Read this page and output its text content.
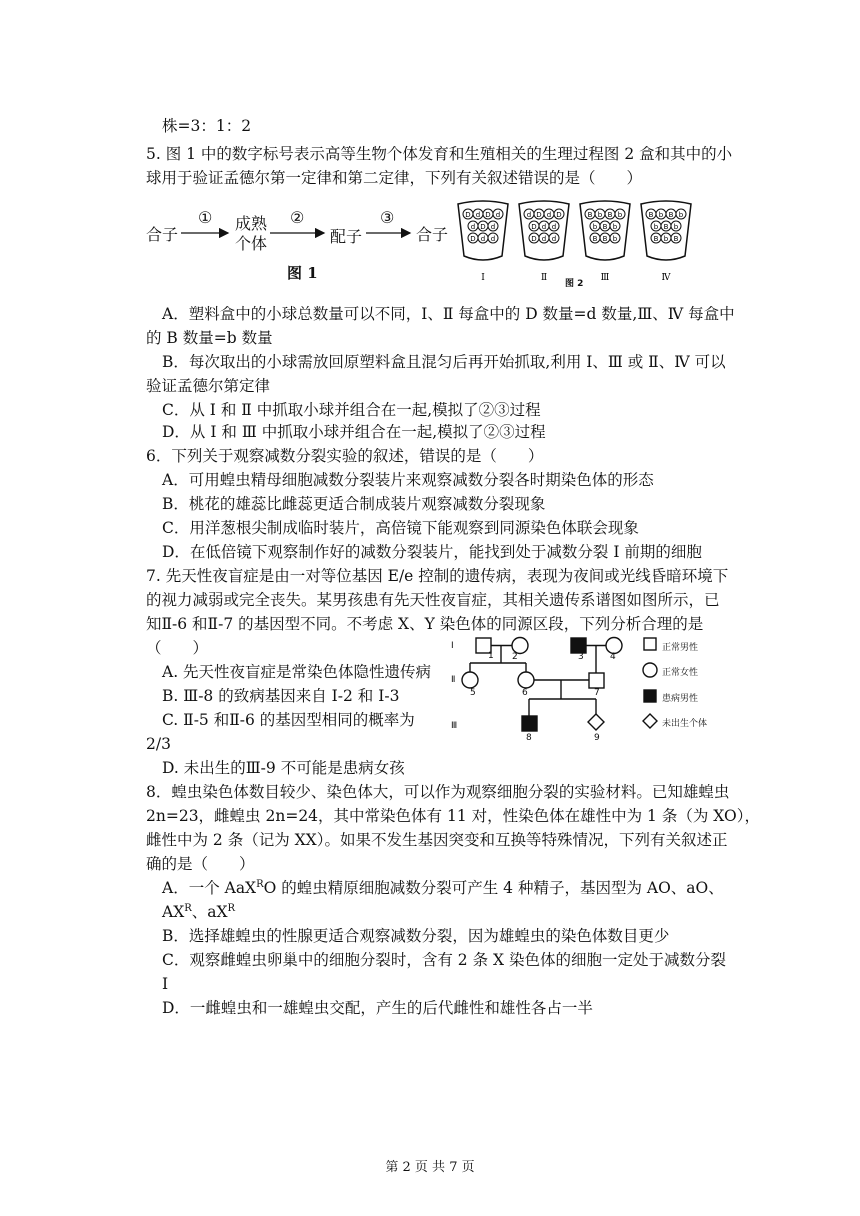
株=3：1：2
5. 图 1 中的数字标号表示高等生物个体发育和生殖相关的生理过程图 2 盒和其中的小
球用于验证孟德尔第一定律和第二定律，下列有关叙述错误的是（　　）
合子
① 成熟
个体
②
配子
③
合子
图 1
D d D d
d D d
D d d
Ⅰ
d D d D
D d d
D d d
Ⅱ
B b B b
b B b
B B b
Ⅲ
B b B b
b B b
B b B
Ⅳ
图 2
A．塑料盒中的小球总数量可以不同，Ⅰ、Ⅱ 每盒中的 D 数量=d 数量,Ⅲ、Ⅳ 每盒中
的 B 数量=b 数量
B．每次取出的小球需放回原塑料盒且混匀后再开始抓取,利用 Ⅰ、Ⅲ 或 Ⅱ、Ⅳ 可以
验证孟德尔第定律
C．从 Ⅰ 和 Ⅱ 中抓取小球并组合在一起,模拟了②③过程
D．从 Ⅰ 和 Ⅲ 中抓取小球并组合在一起,模拟了②③过程
6．下列关于观察减数分裂实验的叙述，错误的是（　　）
A．可用蝗虫精母细胞减数分裂装片来观察减数分裂各时期染色体的形态
B．桃花的雄蕊比雌蕊更适合制成装片观察减数分裂现象
C．用洋葱根尖制成临时装片，高倍镜下能观察到同源染色体联会现象
D．在低倍镜下观察制作好的减数分裂装片，能找到处于减数分裂 Ⅰ 前期的细胞
7. 先天性夜盲症是由一对等位基因 E/e 控制的遗传病，表现为夜间或光线昏暗环境下
的视力减弱或完全丧失。某男孩患有先天性夜盲症，其相关遗传系谱图如图所示，已
知Ⅱ-6 和Ⅱ-7 的基因型不同。不考虑 X、Y 染色体的同源区段，下列分析合理的是
（　　）
A. 先天性夜盲症是常染色体隐性遗传病
B. Ⅲ-8 的致病基因来自 I-2 和 I-3
C. Ⅱ-5 和Ⅱ-6 的基因型相同的概率为
2/3
D. 未出生的Ⅲ-9 不可能是患病女孩
Ⅰ
Ⅱ
Ⅲ
1 2	3	4
5	6	7
8	9
正常男性
正常女性
患病男性
未出生个体
8．蝗虫染色体数目较少、染色体大，可以作为观察细胞分裂的实验材料。已知雄蝗虫
2n=23，雌蝗虫 2n=24，其中常染色体有 11 对，性染色体在雄性中为 1 条（为 XO），
雌性中为 2 条（记为 XX）。如果不发生基因突变和互换等特殊情况，下列有关叙述正
确的是（　　）
A．一个 AaX$^R$O 的蝗虫精原细胞减数分裂可产生 4 种精子，基因型为 AO、aO、
$AX^R$、$aX^R$
B．选择雄蝗虫的性腺更适合观察减数分裂，因为雄蝗虫的染色体数目更少
C．观察雌蝗虫卵巢中的细胞分裂时，含有 2 条 X 染色体的细胞一定处于减数分裂
Ⅰ
D．一雌蝗虫和一雄蝗虫交配，产生的后代雌性和雄性各占一半
第 2 页 共 7 页
